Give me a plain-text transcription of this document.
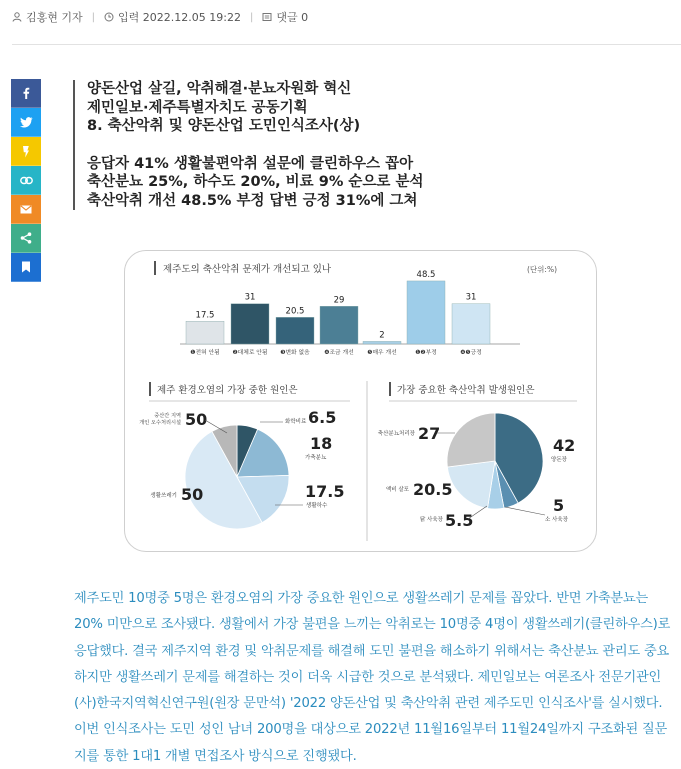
김홍현 기자 | 입력 2022.12.05 19:22 | 댓글 0
양돈산업 살길, 악취해결·분뇨자원화 혁신
제민일보·제주특별자치도 공동기획
8. 축산악취 및 양돈산업 도민인식조사(상)
응답자 41% 생활불편악취 설문에 클린하우스 꼽아
축산분뇨 25%, 하수도 20%, 비료 9% 순으로 분석
축산악취 개선 48.5% 부정 답변 긍정 31%에 그쳐
제주도의 축산악취 문제가 개선되고 있나	(단위:%)
17.5
❶전혀 안됨
31
❷대체로 안됨
20.5
❸변화 없음
29
❹조금 개선
2
❺매우 개선
48.5
❶❷부정
31
❹❺긍정
제주 환경오염의 가장 중한 원인은	가장 중요한 축산악취 발생원인은
화학비료 6.5
18
가축분뇨
17.5
생활하수
생활쓰레기 50
중산간 지역
개인 오수처리시설 50
42
양돈장
5
소 사육장
닭 사육장 5.5
액비 살포 20.5
축산분뇨처리장 27
제주도민 10명중 5명은 환경오염의 가장 중요한 원인으로 생활쓰레기 문제를 꼽았다. 반면 가축분뇨는 20% 미만으로 조사됐다. 생활에서 가장 불편을 느끼는 악취로는 10명중 4명이 생활쓰레기(클린하우스)로 응답했다. 결국 제주지역 환경 및 악취문제를 해결해 도민 불편을 해소하기 위해서는 축산분뇨 관리도 중요하지만 생활쓰레기 문제를 해결하는 것이 더욱 시급한 것으로 분석됐다. 제민일보는 여론조사 전문기관인 (사)한국지역혁신연구원(원장 문만석) '2022 양돈산업 및 축산악취 관련 제주도민 인식조사'를 실시했다. 이번 인식조사는 도민 성인 남녀 200명을 대상으로 2022년 11월16일부터 11월24일까지 구조화된 질문지를 통한 1대1 개별 면접조사 방식으로 진행됐다.
